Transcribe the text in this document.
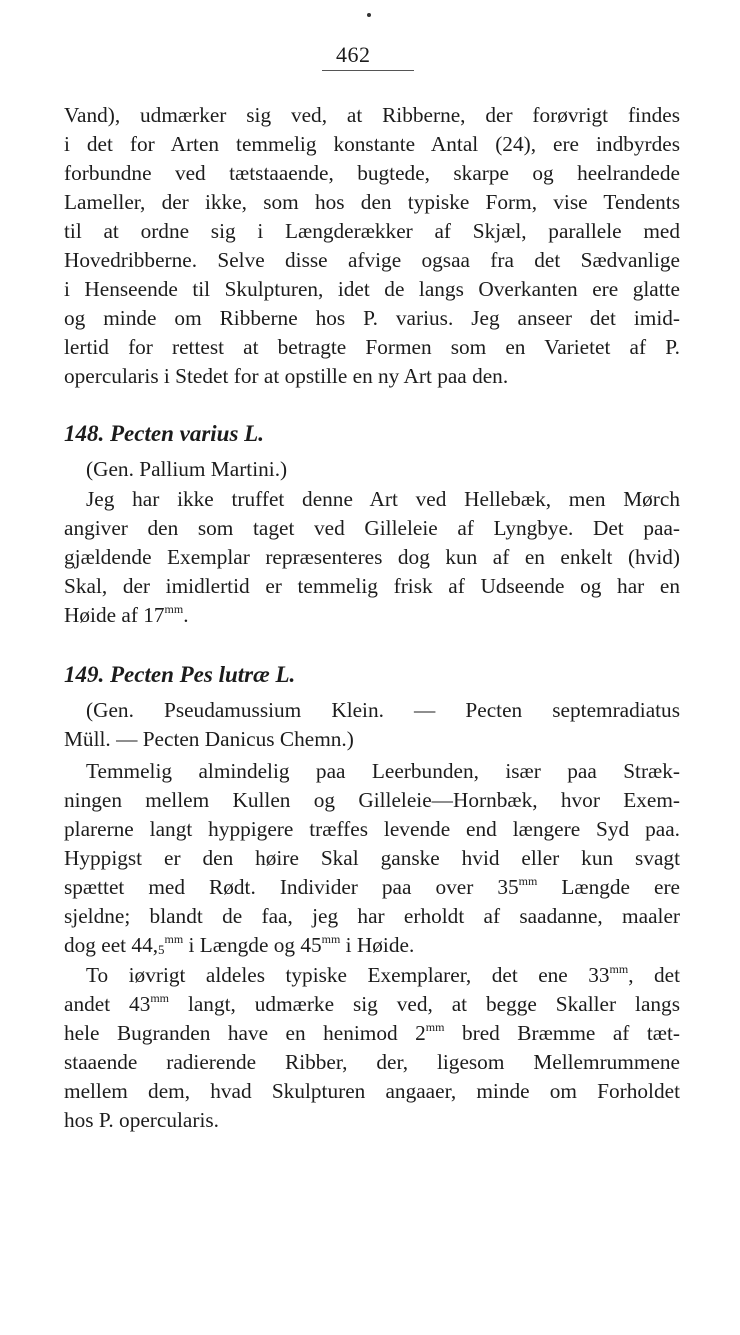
462
Vand), udmærker sig ved, at Ribberne, der forøvrigt findes
i det for Arten temmelig konstante Antal (24), ere indbyrdes
forbundne ved tætstaaende, bugtede, skarpe og heelrandede
Lameller, der ikke, som hos den typiske Form, vise Tendents
til at ordne sig i Længderækker af Skjæl, parallele med
Hovedribberne. Selve disse afvige ogsaa fra det Sædvanlige
i Henseende til Skulpturen, idet de langs Overkanten ere glatte
og minde om Ribberne hos P. varius. Jeg anseer det imid-
lertid for rettest at betragte Formen som en Varietet af P.
opercularis i Stedet for at opstille en ny Art paa den.
148. Pecten varius L.
(Gen. Pallium Martini.)
Jeg har ikke truffet denne Art ved Hellebæk, men Mørch
angiver den som taget ved Gilleleie af Lyngbye. Det paa-
gjældende Exemplar repræsenteres dog kun af en enkelt (hvid)
Skal, der imidlertid er temmelig frisk af Udseende og har en
Høide af $17^{mm}$.
149. Pecten Pes lutræ L.
(Gen. Pseudamussium Klein. — Pecten septemradiatus
Müll. — Pecten Danicus Chemn.)
Temmelig almindelig paa Leerbunden, især paa Stræk-
ningen mellem Kullen og Gilleleie—Hornbæk, hvor Exem-
plarerne langt hyppigere træffes levende end længere Syd paa.
Hyppigst er den høire Skal ganske hvid eller kun svagt
spættet med Rødt. Individer paa over $35^{mm}$ Længde ere
sjeldne; blandt de faa, jeg har erholdt af saadanne, maaler
dog eet $44,_5^{mm}$ i Længde og $45^{mm}$ i Høide.
To iøvrigt aldeles typiske Exemplarer, det ene $33^{mm}$, det
andet $43^{mm}$ langt, udmærke sig ved, at begge Skaller langs
hele Bugranden have en henimod $2^{mm}$ bred Bræmme af tæt-
staaende radierende Ribber, der, ligesom Mellemrummene
mellem dem, hvad Skulpturen angaaer, minde om Forholdet
hos P. opercularis.
